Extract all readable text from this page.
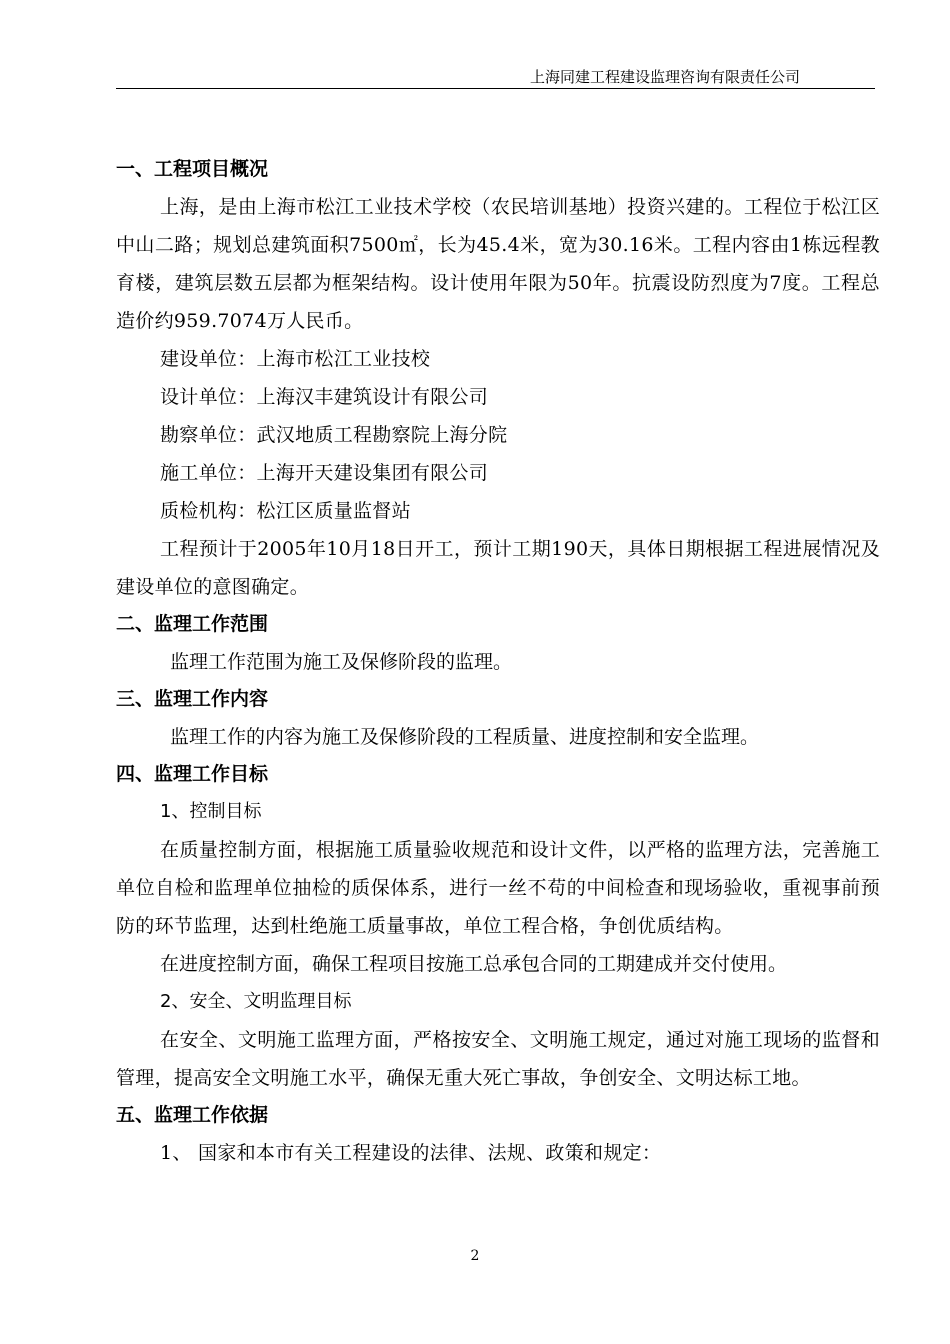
上海同建工程建设监理咨询有限责任公司
一、工程项目概况
上海，是由上海市松江工业技术学校（农民培训基地）投资兴建的。工程位于松江区中山二路；规划总建筑面积7500㎡，长为45.4米，宽为30.16米。工程内容由1栋远程教育楼，建筑层数五层都为框架结构。设计使用年限为50年。抗震设防烈度为7度。工程总造价约959.7074万人民币。
建设单位：上海市松江工业技校
设计单位：上海汉丰建筑设计有限公司
勘察单位：武汉地质工程勘察院上海分院
施工单位：上海开天建设集团有限公司
质检机构：松江区质量监督站
工程预计于2005年10月18日开工，预计工期190天，具体日期根据工程进展情况及建设单位的意图确定。
二、监理工作范围
监理工作范围为施工及保修阶段的监理。
三、监理工作内容
监理工作的内容为施工及保修阶段的工程质量、进度控制和安全监理。
四、监理工作目标
1、控制目标
在质量控制方面，根据施工质量验收规范和设计文件，以严格的监理方法，完善施工单位自检和监理单位抽检的质保体系，进行一丝不苟的中间检查和现场验收，重视事前预防的环节监理，达到杜绝施工质量事故，单位工程合格，争创优质结构。
在进度控制方面，确保工程项目按施工总承包合同的工期建成并交付使用。
2、安全、文明监理目标
在安全、文明施工监理方面，严格按安全、文明施工规定，通过对施工现场的监督和管理，提高安全文明施工水平，确保无重大死亡事故，争创安全、文明达标工地。
五、监理工作依据
1、 国家和本市有关工程建设的法律、法规、政策和规定：
2
